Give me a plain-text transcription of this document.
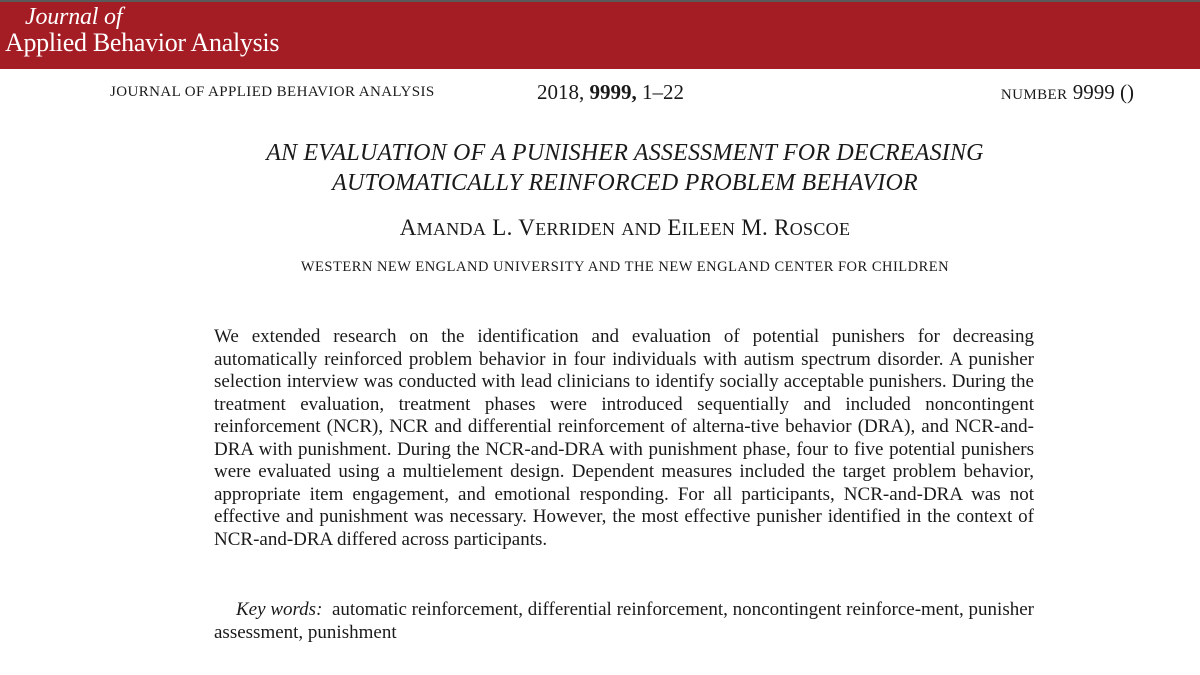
Journal of
Applied Behavior Analysis
JOURNAL OF APPLIED BEHAVIOR ANALYSIS	2018, 9999, 1–22	NUMBER 9999 ()
AN EVALUATION OF A PUNISHER ASSESSMENT FOR DECREASING
AUTOMATICALLY REINFORCED PROBLEM BEHAVIOR
AMANDA L. VERRIDEN AND EILEEN M. ROSCOE
WESTERN NEW ENGLAND UNIVERSITY AND THE NEW ENGLAND CENTER FOR CHILDREN

We extended research on the identification and evaluation of potential punishers for decreasing automatically reinforced problem behavior in four individuals with autism spectrum disorder. A punisher selection interview was conducted with lead clinicians to identify socially acceptable punishers. During the treatment evaluation, treatment phases were introduced sequentially and included noncontingent reinforcement (NCR), NCR and differential reinforcement of alterna-tive behavior (DRA), and NCR-and-DRA with punishment. During the NCR-and-DRA with punishment phase, four to five potential punishers were evaluated using a multielement design. Dependent measures included the target problem behavior, appropriate item engagement, and emotional responding. For all participants, NCR-and-DRA was not effective and punishment was necessary. However, the most effective punisher identified in the context of NCR-and-DRA differed across participants.

Key words: automatic reinforcement, differential reinforcement, noncontingent reinforce-ment, punisher assessment, punishment
